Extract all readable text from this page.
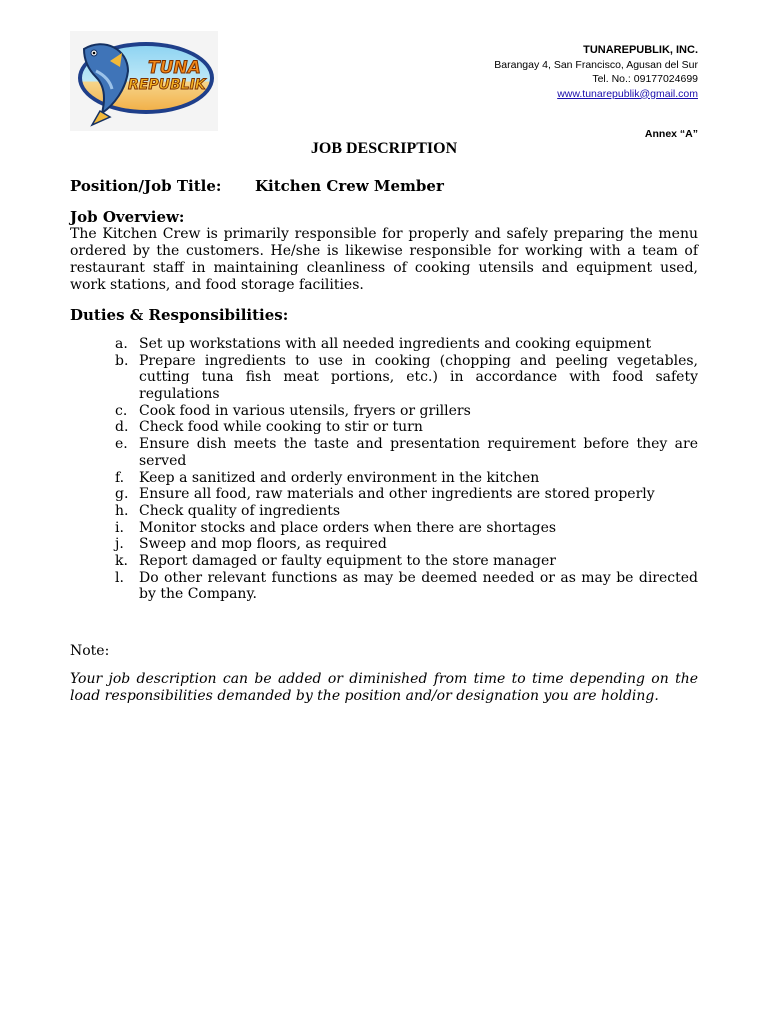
TUNA
REPUBLIK
TUNAREPUBLIK, INC.
Barangay 4, San Francisco, Agusan del Sur
Tel. No.: 09177024699
www.tunarepublik@gmail.com
Annex “A”
JOB DESCRIPTION
Position/Job Title:	Kitchen Crew Member
Job Overview:

The Kitchen Crew is primarily responsible for properly and safely preparing the menu ordered by the customers. He/she is likewise responsible for working with a team of restaurant staff in maintaining cleanliness of cooking utensils and equipment used, work stations, and food storage facilities.

Duties & Responsibilities:
a. Set up workstations with all needed ingredients and cooking equipment
b. Prepare ingredients to use in cooking (chopping and peeling vegetables, cutting tuna fish meat portions, etc.) in accordance with food safety regulations
c. Cook food in various utensils, fryers or grillers
d. Check food while cooking to stir or turn
e. Ensure dish meets the taste and presentation requirement before they are served
f.	Keep a sanitized and orderly environment in the kitchen
g. Ensure all food, raw materials and other ingredients are stored properly
h. Check quality of ingredients
i.	Monitor stocks and place orders when there are shortages
j.	Sweep and mop floors, as required
k. Report damaged or faulty equipment to the store manager
l.	Do other relevant functions as may be deemed needed or as may be directed by the Company.
Note:
Your job description can be added or diminished from time to time depending on the load responsibilities demanded by the position and/or designation you are holding.
